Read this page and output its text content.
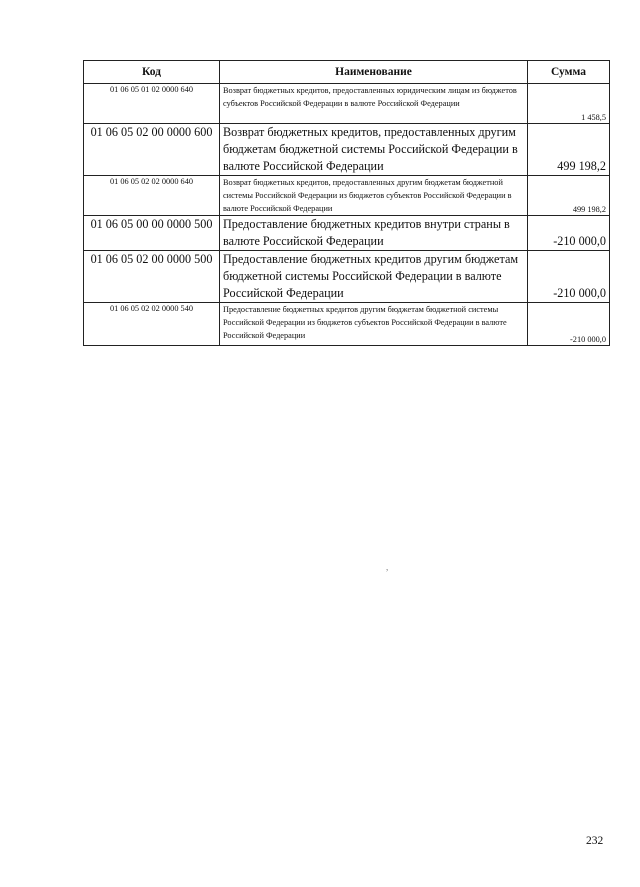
Код	Наименование	Сумма
01 06 05 01 02 0000 640	Возврат бюджетных кредитов, предоставленных юридическим лицам из бюджетов субъектов Российской Федерации в валюте Российской Федерации	1 458,5
01 06 05 02 00 0000 600	Возврат бюджетных кредитов, предоставленных другим бюджетам бюджетной системы Российской Федерации в валюте Российской Федерации	499 198,2
01 06 05 02 02 0000 640	Возврат бюджетных кредитов, предоставленных другим бюджетам бюджетной системы Российской Федерации из бюджетов субъектов Российской Федерации в валюте Российской Федерации	499 198,2
01 06 05 00 00 0000 500	Предоставление бюджетных кредитов внутри страны в валюте Российской Федерации	-210 000,0
01 06 05 02 00 0000 500	Предоставление бюджетных кредитов другим бюджетам бюджетной системы Российской Федерации в валюте Российской Федерации	-210 000,0
01 06 05 02 02 0000 540	Предоставление бюджетных кредитов другим бюджетам бюджетной системы Российской Федерации из бюджетов субъектов Российской Федерации в валюте Российской Федерации	-210 000,0
,
232
